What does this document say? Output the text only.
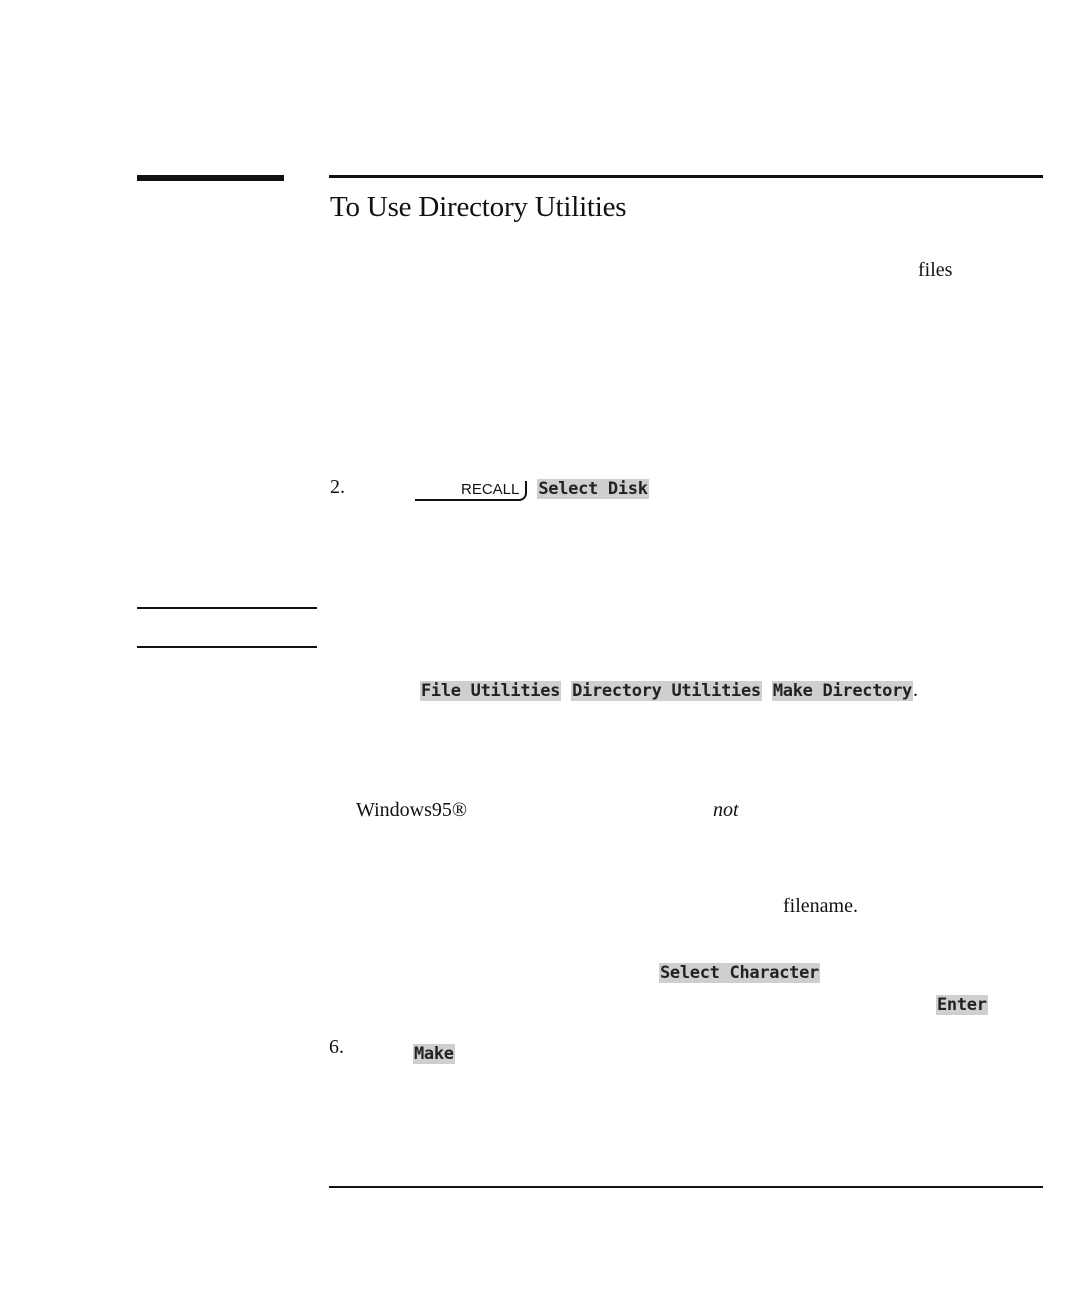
To Use Directory Utilities
files
2.	RECALL Select Disk
File Utilities Directory Utilities Make Directory.
Windows95®	not
filename.
Select Character
Enter
6.	Make
